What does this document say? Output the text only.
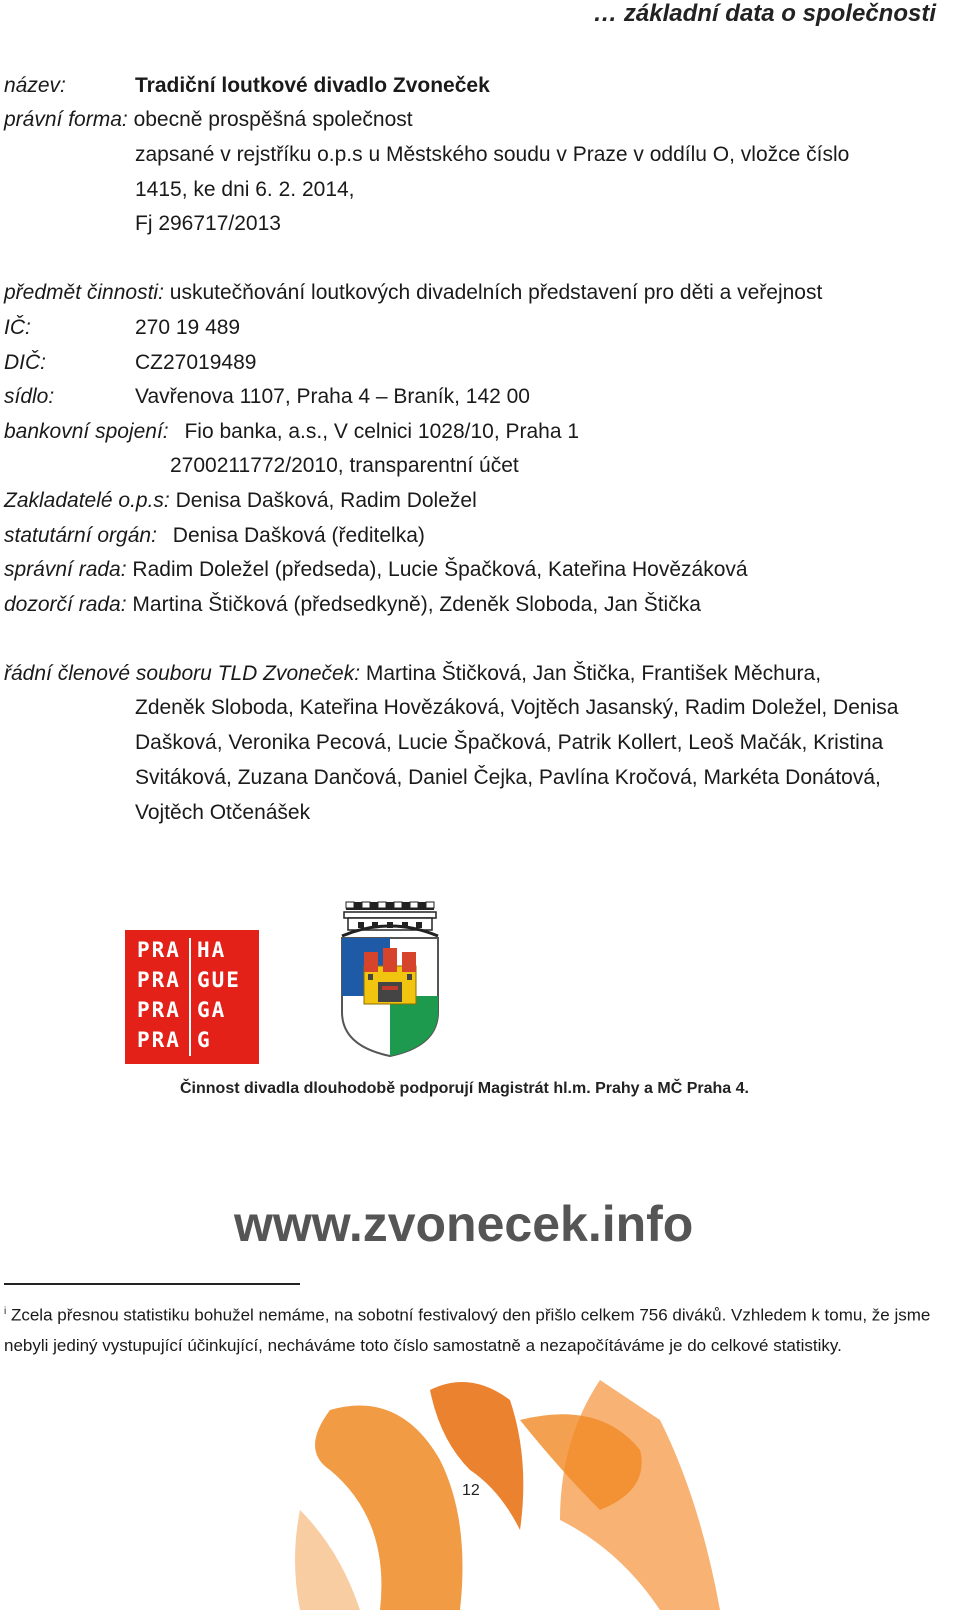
… základní data o společnosti
název:	Tradiční loutkové divadlo Zvoneček
právní forma: obecně prospěšná společnost
zapsané v rejstříku o.p.s u Městského soudu v Praze v oddílu O, vložce číslo
1415, ke dni 6. 2. 2014,
Fj 296717/2013
předmět činnosti: uskutečňování loutkových divadelních představení pro děti a veřejnost
IČ:	270 19 489
DIČ:	CZ27019489
sídlo:	Vavřenova 1107, Praha 4 – Braník, 142 00
bankovní spojení: Fio banka, a.s., V celnici 1028/10, Praha 1
2700211772/2010, transparentní účet
Zakladatelé o.p.s: Denisa Dašková, Radim Doležel
statutární orgán: Denisa Dašková (ředitelka)
správní rada: Radim Doležel (předseda), Lucie Špačková, Kateřina Hovězáková
dozorčí rada: Martina Štičková (předsedkyně), Zdeněk Sloboda, Jan Štička
řádní členové souboru TLD Zvoneček: Martina Štičková, Jan Štička, František Měchura,
Zdeněk Sloboda, Kateřina Hovězáková, Vojtěch Jasanský, Radim Doležel, Denisa Dašková, Veronika Pecová, Lucie Špačková, Patrik Kollert, Leoš Mačák, Kristina Svitáková, Zuzana Dančová, Daniel Čejka, Pavlína Kročová, Markéta Donátová, Vojtěch Otčenášek
PRA HA
PRA GUE
PRA GA
PRA G
Činnost divadla dlouhodobě podporují Magistrát hl.m. Prahy a MČ Praha 4.
www.zvonecek.info
$^i$ Zcela přesnou statistiku bohužel nemáme, na sobotní festivalový den přišlo celkem 756 diváků. Vzhledem k tomu, že jsme nebyli jediný vystupující účinkující, necháváme toto číslo samostatně a nezapočítáváme je do celkové statistiky.
12
